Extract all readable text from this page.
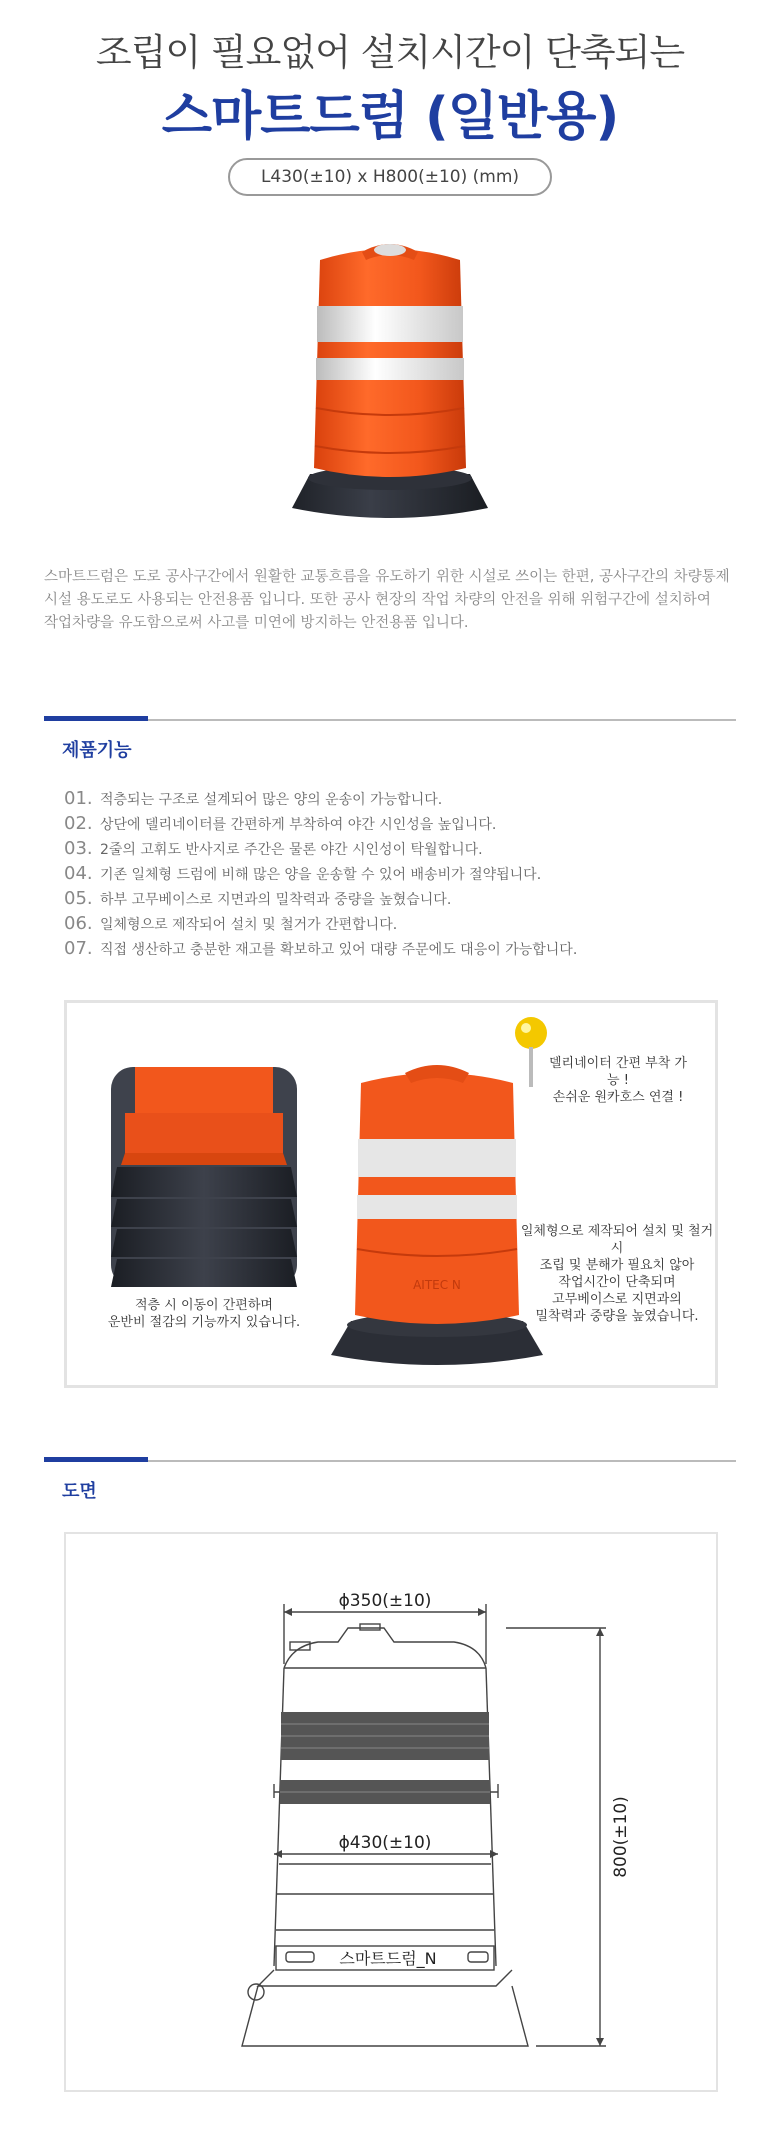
조립이 필요없어 설치시간이 단축되는
스마트드럼 (일반용)
L430(±10) x H800(±10) (mm)

스마트드럼은 도로 공사구간에서 원활한 교통흐름을 유도하기 위한 시설로 쓰이는 한편, 공사구간의 차량통제

시설 용도로도 사용되는 안전용품 입니다. 또한 공사 현장의 작업 차량의 안전을 위해 위험구간에 설치하여

작업차량을 유도함으로써 사고를 미연에 방지하는 안전용품 입니다.

제품기능
01. 적층되는 구조로 설계되어 많은 양의 운송이 가능합니다.
02. 상단에 델리네이터를 간편하게 부착하여 야간 시인성을 높입니다.
03. 2줄의 고휘도 반사지로 주간은 물론 야간 시인성이 탁월합니다.
04. 기존 일체형 드럼에 비해 많은 양을 운송할 수 있어 배송비가 절약됩니다.
05. 하부 고무베이스로 지면과의 밀착력과 중량을 높혔습니다.
06. 일체형으로 제작되어 설치 및 철거가 간편합니다.
07. 직접 생산하고 충분한 재고를 확보하고 있어 대량 주문에도 대응이 가능합니다.
적층 시 이동이 간편하며
운반비 절감의 기능까지 있습니다.
AITEC N
델리네이터 간편 부착 가능 !
손쉬운 원카호스 연결 !
일체형으로 제작되어 설치 및 철거 시
조립 및 분해가 필요치 않아
작업시간이 단축되며
고무베이스로 지면과의
밀착력과 중량을 높였습니다.
도면
ϕ350(±10)
ϕ430(±10)	800(±10)
스마트드럼_N
